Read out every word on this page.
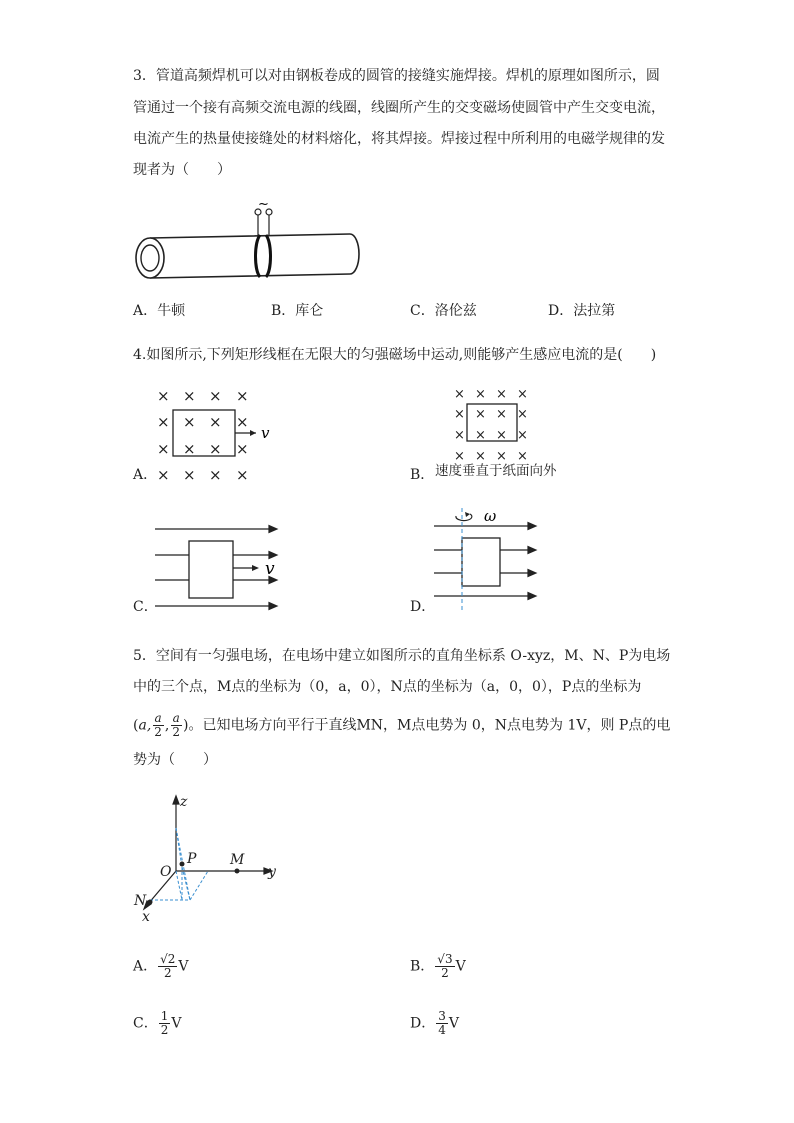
3．管道高频焊机可以对由钢板卷成的圆管的接缝实施焊接。焊机的原理如图所示，圆
管通过一个接有高频交流电源的线圈，线圈所产生的交变磁场使圆管中产生交变电流，
电流产生的热量使接缝处的材料熔化，将其焊接。焊接过程中所利用的电磁学规律的发
现者为（　　）
~
A．牛顿	B．库仑	C．洛伦兹	D．法拉第
4.如图所示,下列矩形线框在无限大的匀强磁场中运动,则能够产生感应电流的是(　　)
× × × ×
× × × ×
× × × ×
× × × ×
v
A．
× × × ×
× × × ×
× × × ×
× × × ×
B． 速度垂直于纸面向外
v
C．
ω
D．
5．空间有一匀强电场，在电场中建立如图所示的直角坐标系 O-xyz，M、N、P为电场
中的三个点，M点的坐标为（0，a，0），N点的坐标为（a，0，0），P点的坐标为
(a, $\frac{a}{2}$ , $\frac{a}{2}$ )。已知电场方向平行于直线MN，M点电势为 0，N点电势为 1V，则 P点的电
势为（　　）
z
y
x
O
P M
N
A． $\frac{√2}{2}$ V	B． $\frac{√3}{2}$ V
C． $\frac{1}{2}$ V	D． $\frac{3}{4}$ V
